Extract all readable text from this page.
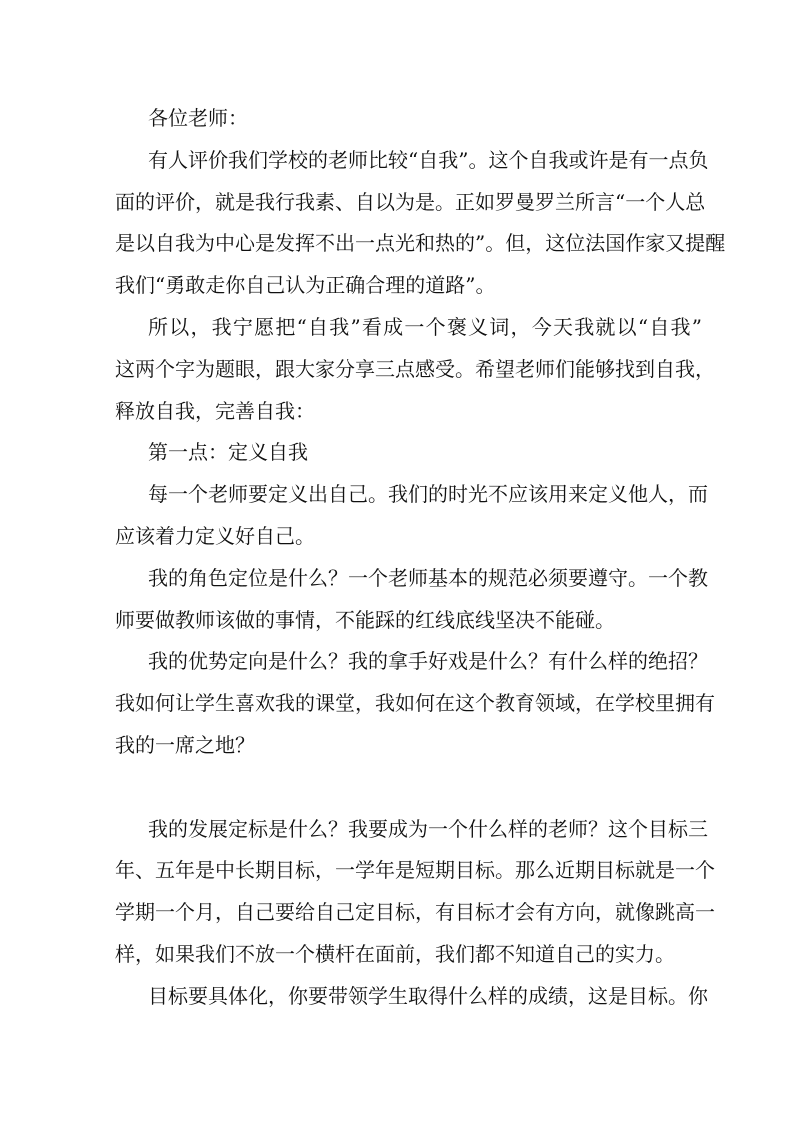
各位老师：
有人评价我们学校的老师比较“自我”。这个自我或许是有一点负
面的评价，就是我行我素、自以为是。正如罗曼罗兰所言“一个人总
是以自我为中心是发挥不出一点光和热的”。但，这位法国作家又提醒
我们“勇敢走你自己认为正确合理的道路”。
所以，我宁愿把“自我”看成一个褒义词，今天我就以“自我”
这两个字为题眼，跟大家分享三点感受。希望老师们能够找到自我，
释放自我，完善自我：
第一点：定义自我
每一个老师要定义出自己。我们的时光不应该用来定义他人，而
应该着力定义好自己。
我的角色定位是什么？一个老师基本的规范必须要遵守。一个教
师要做教师该做的事情，不能踩的红线底线坚决不能碰。
我的优势定向是什么？我的拿手好戏是什么？有什么样的绝招？
我如何让学生喜欢我的课堂，我如何在这个教育领域，在学校里拥有
我的一席之地？
我的发展定标是什么？我要成为一个什么样的老师？这个目标三
年、五年是中长期目标，一学年是短期目标。那么近期目标就是一个
学期一个月，自己要给自己定目标，有目标才会有方向，就像跳高一
样，如果我们不放一个横杆在面前，我们都不知道自己的实力。
目标要具体化，你要带领学生取得什么样的成绩，这是目标。你
